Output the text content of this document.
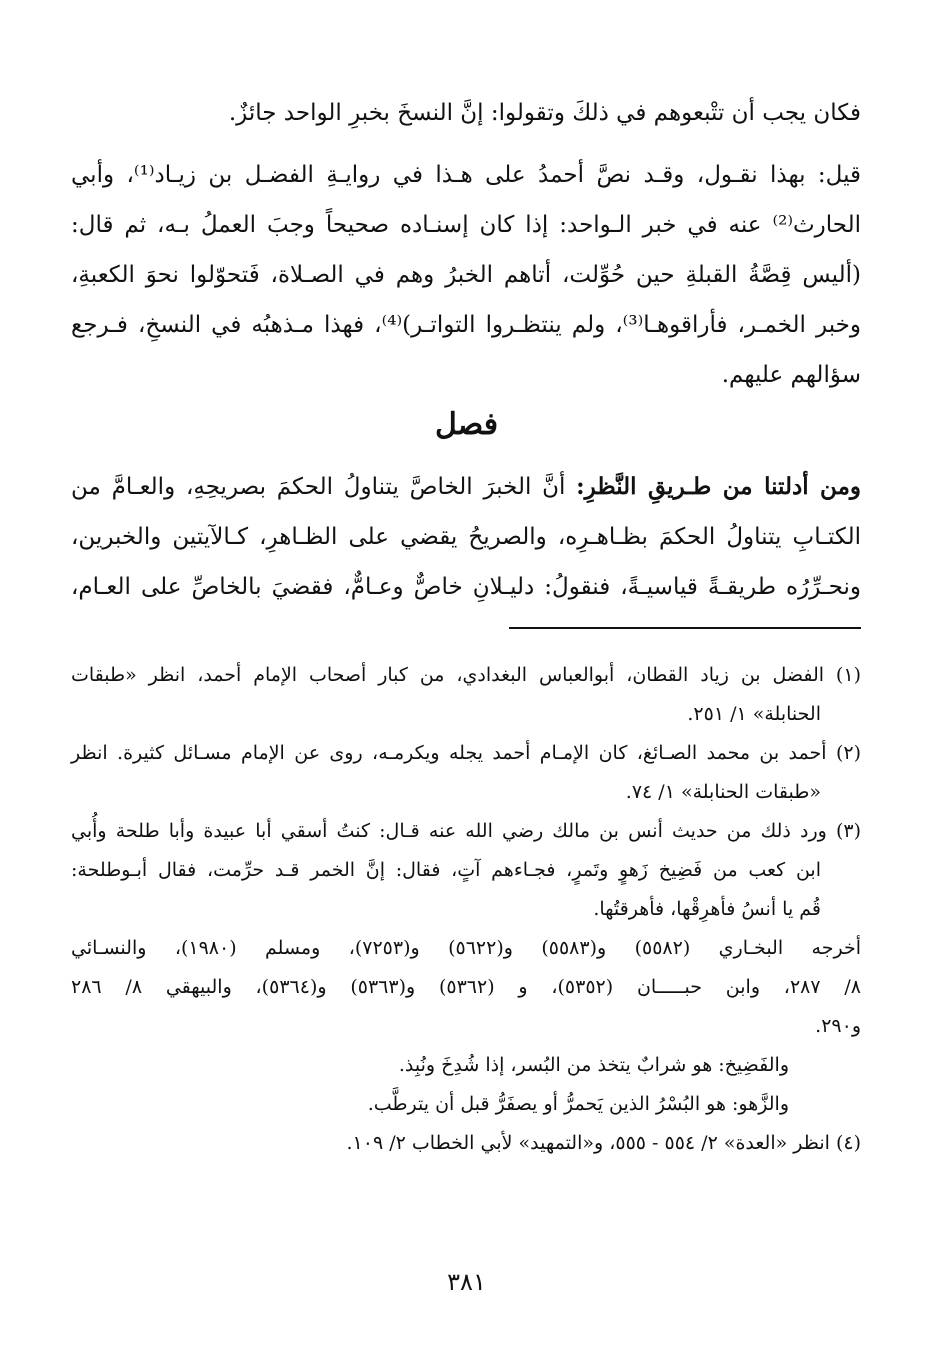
فكان يجب أن تتْبعوهم في ذلكَ وتقولوا: إنَّ النسخَ بخبرِ الواحد جائزٌ.

قيل: بهذا نقـول، وقـد نصَّ أحمدُ على هـذا في روايـةِ الفضـل بن زيـاد⁽¹⁾، وأبي
الحارث⁽²⁾ عنه في خبر الـواحد: إذا كان إسنـاده صحيحاً وجبَ العملُ بـه، ثم قال:
(أليس قِصَّةُ القبلةِ حين حُوِّلت، أتاهم الخبرُ وهم في الصـلاة، فَتحوّلوا نحوَ الكعبةِ،
وخبر الخمـر، فأراقوهـا⁽³⁾، ولم ينتظـروا التواتـر)⁽⁴⁾، فهذا مـذهبُه في النسخِ، فـرجع
سؤالهم عليهم.
فصل
ومن أدلتنا من طـريقِ النَّظرِ: أنَّ الخبرَ الخاصَّ يتناولُ الحكمَ بصريحِهِ، والعـامَّ من
الكتـابِ يتناولُ الحكمَ بظـاهـرِه، والصريحُ يقضي على الظـاهرِ، كـالآيتين والخبرين،
ونحـرِّرُه طريقـةً قياسيـةً، فنقولُ: دليـلانِ خاصٌّ وعـامٌّ، فقضيَ بالخاصِّ على العـام،
(١) الفضل بن زياد القطان، أبوالعباس البغدادي، من كبار أصحاب الإمام أحمد، انظر «طبقات
الحنابلة» ١/ ٢٥١.
(٢) أحمد بن محمد الصـائغ، كان الإمـام أحمد يجله ويكرمـه، روى عن الإمام مسـائل كثيرة. انظر
«طبقات الحنابلة» ١/ ٧٤.
(٣) ورد ذلك من حديث أنس بن مالك رضي الله عنه قـال: كنتُ أسقي أبا عبيدة وأبا طلحة وأُبي
ابن كعب من فَضِيخ زَهوٍ وتَمرٍ، فجـاءهم آتٍ، فقال: إنَّ الخمر قـد حرِّمت، فقال أبـوطلحة:
قُم يا أنسُ فأهرِقْها، فأهرقتُها.
أخرجه البخـاري (٥٥٨٢) و(٥٥٨٣) و(٥٦٢٢) و(٧٢٥٣)، ومسلم (١٩٨٠)، والنسـائي
٨/ ٢٨٧، وابن حبـــــان (٥٣٥٢)، و (٥٣٦٢) و(٥٣٦٣) و(٥٣٦٤)، والبيهقي ٨/ ٢٨٦
و٢٩٠.
والفَضِيخ: هو شرابٌ يتخذ من البُسر، إذا شُدِخَ ونُبِذ.
والزَّهو: هو البُسْرُ الذين يَحمرُّ أو يصفَرُّ قبل أن يترطَّب.
(٤) انظر «العدة» ٢/ ٥٥٤ - ٥٥٥، و«التمهيد» لأبي الخطاب ٢/ ١٠٩.
٣٨١
